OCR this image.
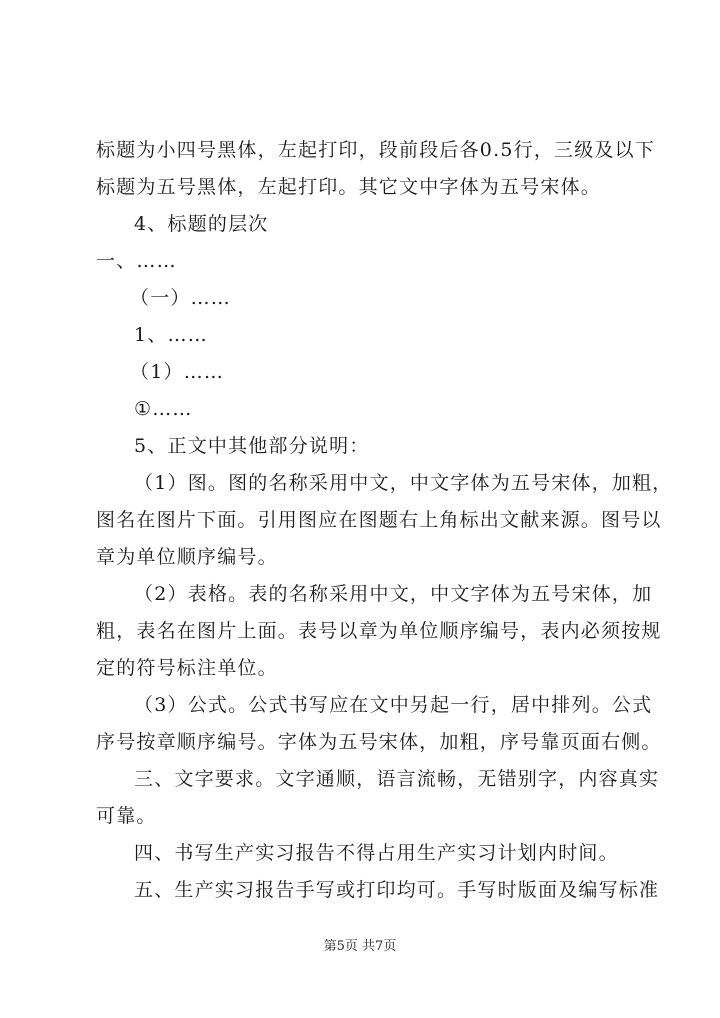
标题为小四号黑体，左起打印，段前段后各0.5行，三级及以下
标题为五号黑体，左起打印。其它文中字体为五号宋体。
4、标题的层次
一、……
（一）……
1、……
（1）……
①……
5、正文中其他部分说明：
（1）图。图的名称采用中文，中文字体为五号宋体，加粗，
图名在图片下面。引用图应在图题右上角标出文献来源。图号以
章为单位顺序编号。
（2）表格。表的名称采用中文，中文字体为五号宋体，加
粗，表名在图片上面。表号以章为单位顺序编号，表内必须按规
定的符号标注单位。
（3）公式。公式书写应在文中另起一行，居中排列。公式
序号按章顺序编号。字体为五号宋体，加粗，序号靠页面右侧。
三、文字要求。文字通顺，语言流畅，无错别字，内容真实
可靠。
四、书写生产实习报告不得占用生产实习计划内时间。
五、生产实习报告手写或打印均可。手写时版面及编写标准
第5页 共7页
